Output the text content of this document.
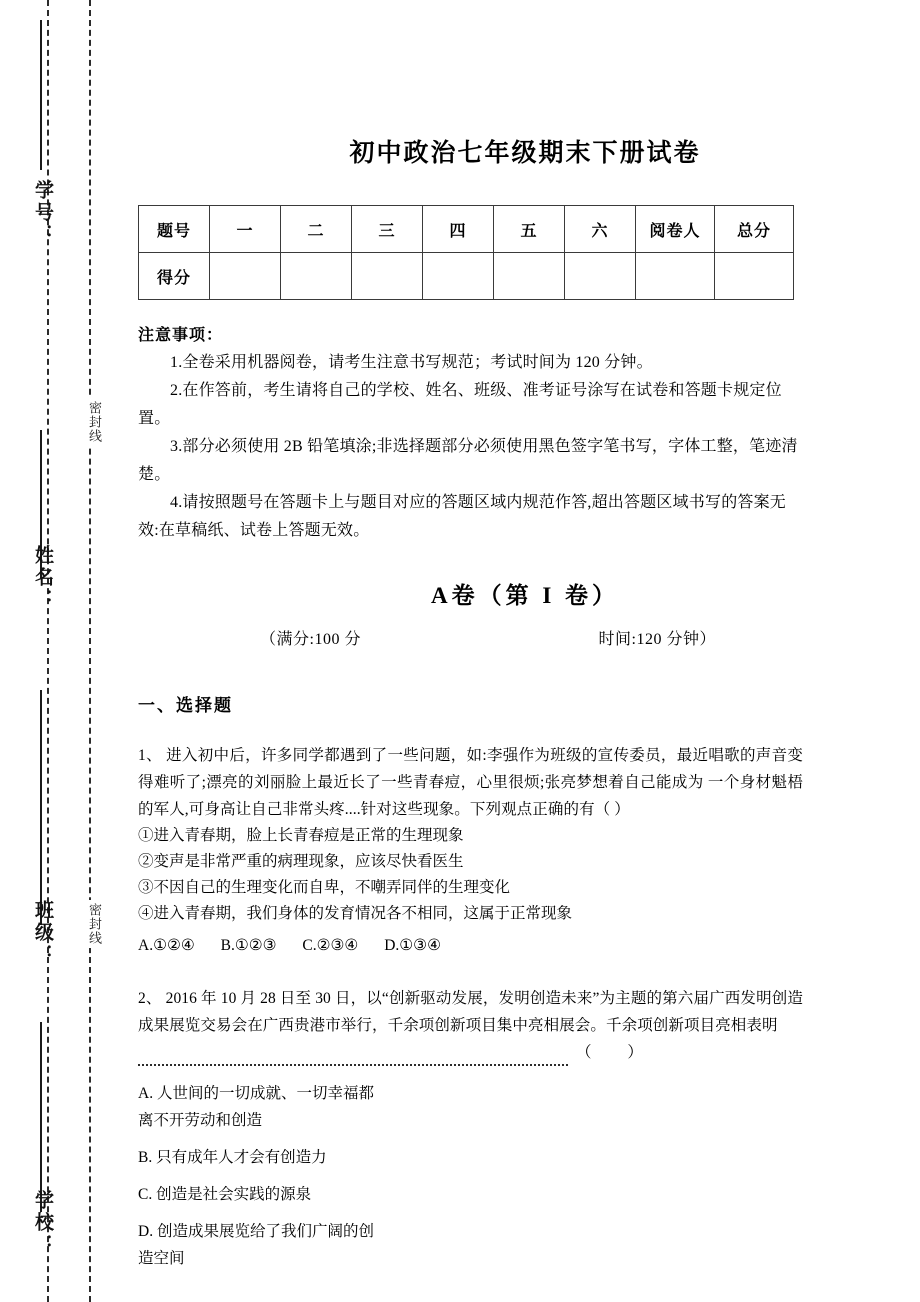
密封线
密封线
学号：
姓名：
班级：
学校：
初中政治七年级期末下册试卷
题号	一	二	三	四	五	六	阅卷人	总分
得分								
注意事项：
1.全卷采用机器阅卷，请考生注意书写规范；考试时间为 120 分钟。
2.在作答前，考生请将自己的学校、姓名、班级、准考证号涂写在试卷和答题卡规定位置。
3.部分必须使用 2B 铅笔填涂;非选择题部分必须使用黑色签字笔书写，字体工整，笔迹清楚。
4.请按照题号在答题卡上与题目对应的答题区域内规范作答,超出答题区域书写的答案无效:在草稿纸、试卷上答题无效。
A卷（第 I 卷）
（满分:100 分	时间:120 分钟）
一、选择题
1、 进入初中后，许多同学都遇到了一些问题，如:李强作为班级的宣传委员，最近唱歌的声音变得难听了;漂亮的刘丽脸上最近长了一些青春痘，心里很烦;张亮梦想着自己能成为 一个身材魁梧的军人,可身高让自己非常头疼....针对这些现象。下列观点正确的有（ ）
①进入青春期，脸上长青春痘是正常的生理现象
②变声是非常严重的病理现象，应该尽快看医生
③不因自己的生理变化而自卑，不嘲弄同伴的生理变化
④进入青春期，我们身体的发育情况各不相同，这属于正常现象
A.①②④ B.①②③ C.②③④ D.①③④
2、 2016 年 10 月 28 日至 30 日，以“创新驱动发展，发明创造未来”为主题的第六届广西发明创造成果展览交易会在广西贵港市举行，千余项创新项目集中亮相展会。千余项创新项目亮相表明
（ ）
A. 人世间的一切成就、一切幸福都离不开劳动和创造
B. 只有成年人才会有创造力
C. 创造是社会实践的源泉
D. 创造成果展览给了我们广阔的创造空间
